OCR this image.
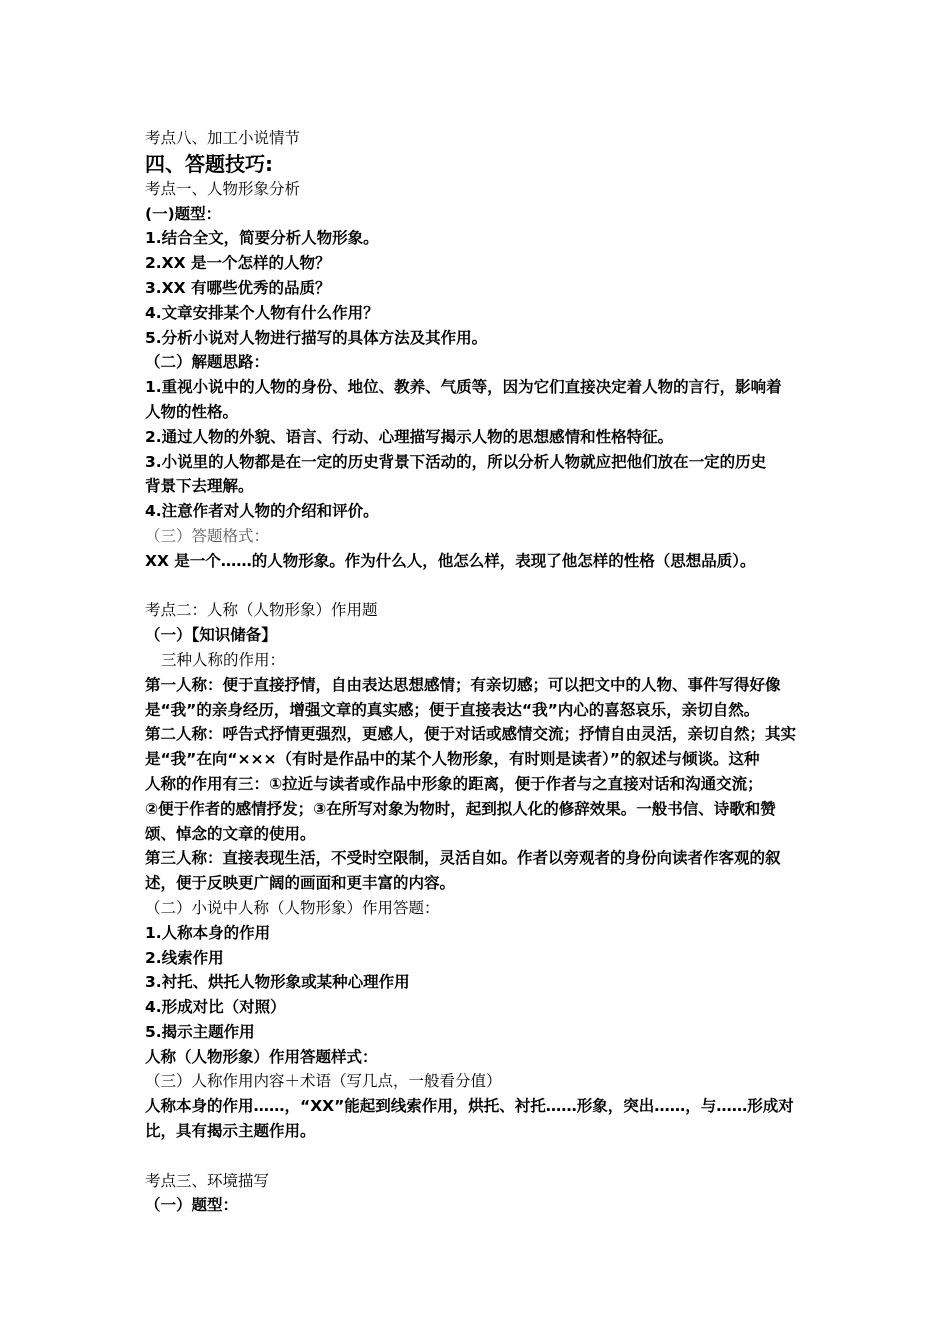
考点八、加工小说情节
四、答题技巧:
考点一、人物形象分析
(一)题型：
1.结合全文，简要分析人物形象。
2.XX 是一个怎样的人物？
3.XX 有哪些优秀的品质？
4.文章安排某个人物有什么作用？
5.分析小说对人物进行描写的具体方法及其作用。
（二）解题思路：
1.重视小说中的人物的身份、地位、教养、气质等，因为它们直接决定着人物的言行，影响着
人物的性格。
2.通过人物的外貌、语言、行动、心理描写揭示人物的思想感情和性格特征。
3.小说里的人物都是在一定的历史背景下活动的，所以分析人物就应把他们放在一定的历史
背景下去理解。
4.注意作者对人物的介绍和评价。
（三）答题格式：
XX 是一个……的人物形象。作为什么人，他怎么样，表现了他怎样的性格（思想品质）。
考点二：人称（人物形象）作用题
（一）【知识储备】
三种人称的作用：
第一人称：便于直接抒情，自由表达思想感情；有亲切感；可以把文中的人物、事件写得好像
是“我”的亲身经历，增强文章的真实感；便于直接表达“我”内心的喜怒哀乐，亲切自然。
第二人称：呼告式抒情更强烈，更感人，便于对话或感情交流；抒情自由灵活，亲切自然；其实
是“我”在向“×××（有时是作品中的某个人物形象，有时则是读者）”的叙述与倾谈。这种
人称的作用有三：①拉近与读者或作品中形象的距离，便于作者与之直接对话和沟通交流；
②便于作者的感情抒发；③在所写对象为物时，起到拟人化的修辞效果。一般书信、诗歌和赞
颂、悼念的文章的使用。
第三人称：直接表现生活，不受时空限制，灵活自如。作者以旁观者的身份向读者作客观的叙
述，便于反映更广阔的画面和更丰富的内容。
（二）小说中人称（人物形象）作用答题：
1.人称本身的作用
2.线索作用
3.衬托、烘托人物形象或某种心理作用
4.形成对比（对照）
5.揭示主题作用
人称（人物形象）作用答题样式：
（三）人称作用内容＋术语（写几点，一般看分值）
人称本身的作用……，“XX”能起到线索作用，烘托、衬托……形象，突出……，与……形成对
比，具有揭示主题作用。
考点三、环境描写
（一）题型：
